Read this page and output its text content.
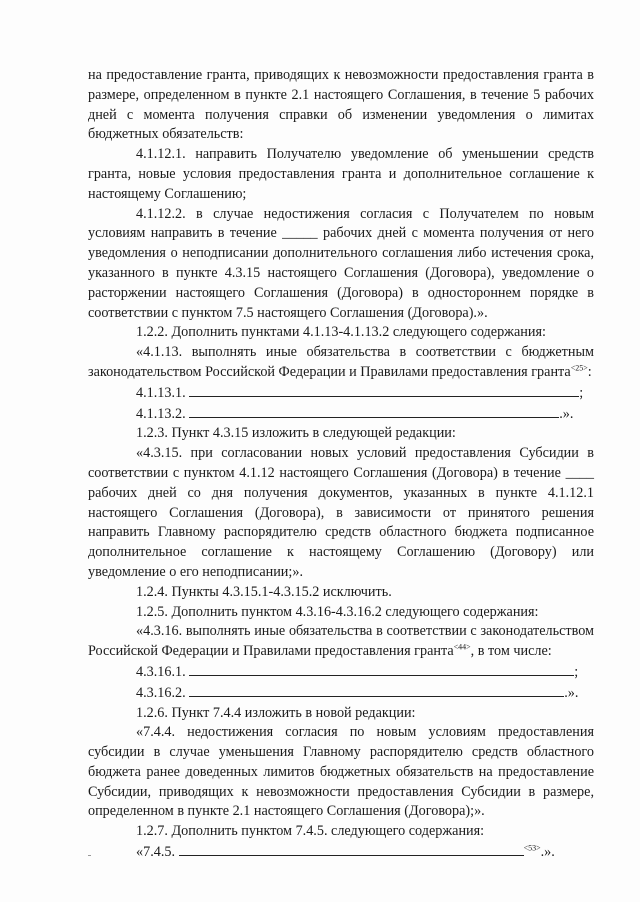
на предоставление гранта, приводящих к невозможности предоставления гранта в размере, определенном в пункте 2.1 настоящего Соглашения, в течение 5 рабочих дней с момента получения справки об изменении уведомления о лимитах бюджетных обязательств:

4.1.12.1. направить Получателю уведомление об уменьшении средств гранта, новые условия предоставления гранта и дополнительное соглашение к настоящему Соглашению;

4.1.12.2. в случае недостижения согласия с Получателем по новым условиям направить в течение _____ рабочих дней с момента получения от него уведомления о неподписании дополнительного соглашения либо истечения срока, указанного в пункте 4.3.15 настоящего Соглашения (Договора), уведомление о расторжении настоящего Соглашения (Договора) в одностороннем порядке в соответствии с пунктом 7.5 настоящего Соглашения (Договора).».

1.2.2. Дополнить пунктами 4.1.13-4.1.13.2 следующего содержания:

«4.1.13. выполнять иные обязательства в соответствии с бюджетным законодательством Российской Федерации и Правилами предоставления гранта$^{<25>}$:

4.1.13.1.	;

4.1.13.2.	.».

1.2.3. Пункт 4.3.15 изложить в следующей редакции:

«4.3.15. при согласовании новых условий предоставления Субсидии в соответствии с пунктом 4.1.12 настоящего Соглашения (Договора) в течение ____ рабочих дней со дня получения документов, указанных в пункте 4.1.12.1 настоящего Соглашения (Договора), в зависимости от принятого решения направить Главному распорядителю средств областного бюджета подписанное дополнительное соглашение к настоящему Соглашению (Договору) или уведомление о его неподписании;».

1.2.4. Пункты 4.3.15.1-4.3.15.2 исключить.

1.2.5. Дополнить пунктом 4.3.16-4.3.16.2 следующего содержания:

«4.3.16. выполнять иные обязательства в соответствии с законодательством Российской Федерации и Правилами предоставления гранта$^{<44>}$, в том числе:

4.3.16.1.	;

4.3.16.2.	.».

1.2.6. Пункт 7.4.4 изложить в новой редакции:

«7.4.4. недостижения согласия по новым условиям предоставления субсидии в случае уменьшения Главному распорядителю средств областного бюджета ранее доведенных лимитов бюджетных обязательств на предоставление Субсидии, приводящих к невозможности предоставления Субсидии в размере, определенном в пункте 2.1 настоящего Соглашения (Договора);».

1.2.7. Дополнить пунктом 7.4.5. следующего содержания:

«7.4.5.	$^{<53>}$.».
